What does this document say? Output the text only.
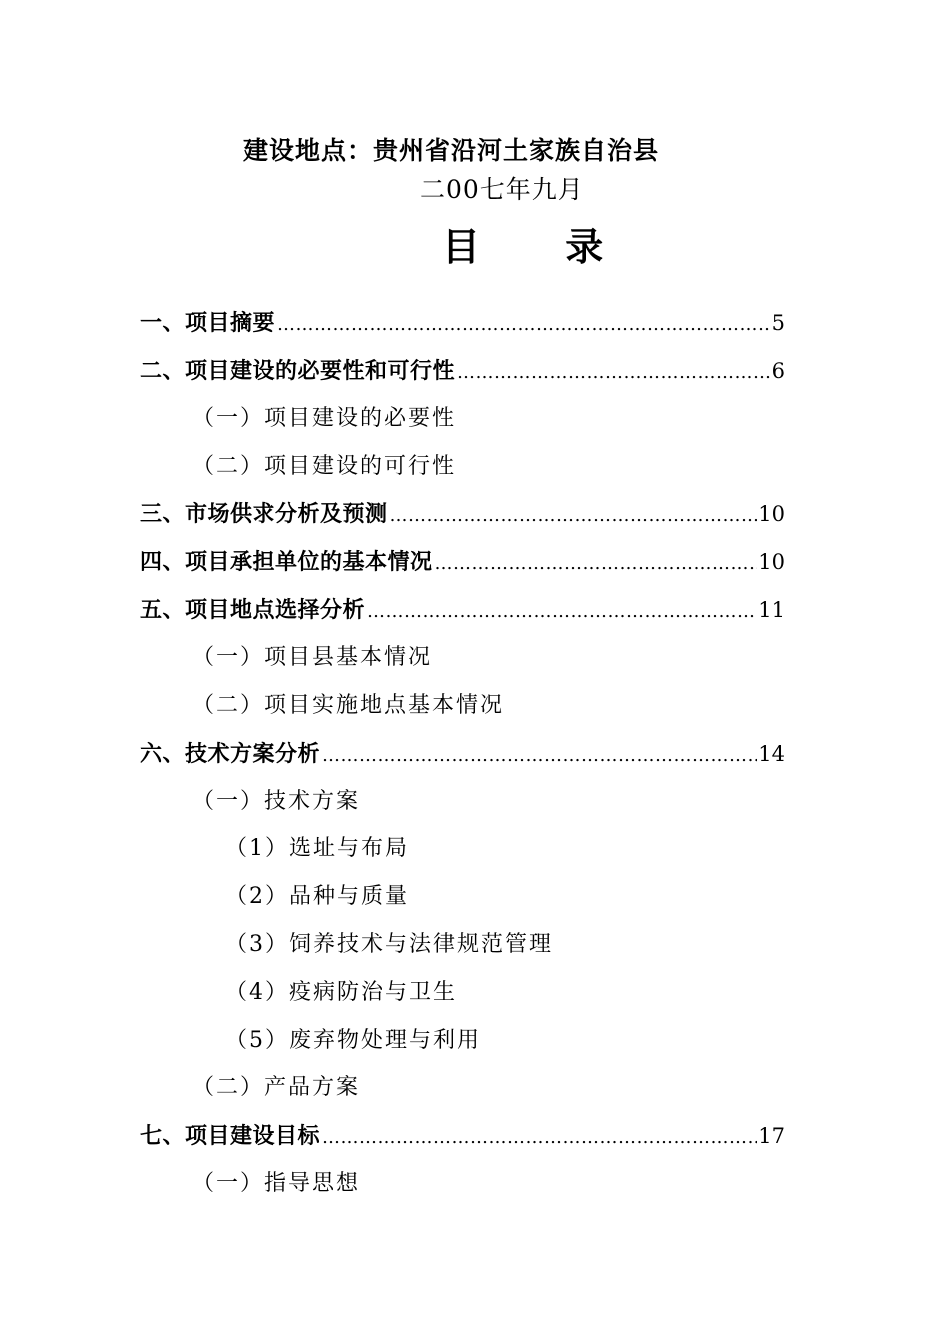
建设地点：贵州省沿河土家族自治县
二00七年九月
目 录
一、项目摘要 ……………………………………………………………………………………………………………………………………………………	5
二、项目建设的必要性和可行性 ……………………………………………………………………………………………………………………………………………………	6
（一）项目建设的必要性
（二）项目建设的可行性
三、市场供求分析及预测 ……………………………………………………………………………………………………………………………………………………	10
四、项目承担单位的基本情况 ……………………………………………………………………………………………………………………………………………………	10
五、项目地点选择分析 ……………………………………………………………………………………………………………………………………………………	11
（一）项目县基本情况
（二）项目实施地点基本情况
六、技术方案分析 ……………………………………………………………………………………………………………………………………………………	14
（一）技术方案
（1）选址与布局
（2）品种与质量
（3）饲养技术与法律规范管理
（4）疫病防治与卫生
（5）废弃物处理与利用
（二）产品方案
七、项目建设目标 ……………………………………………………………………………………………………………………………………………………	17
（一）指导思想
